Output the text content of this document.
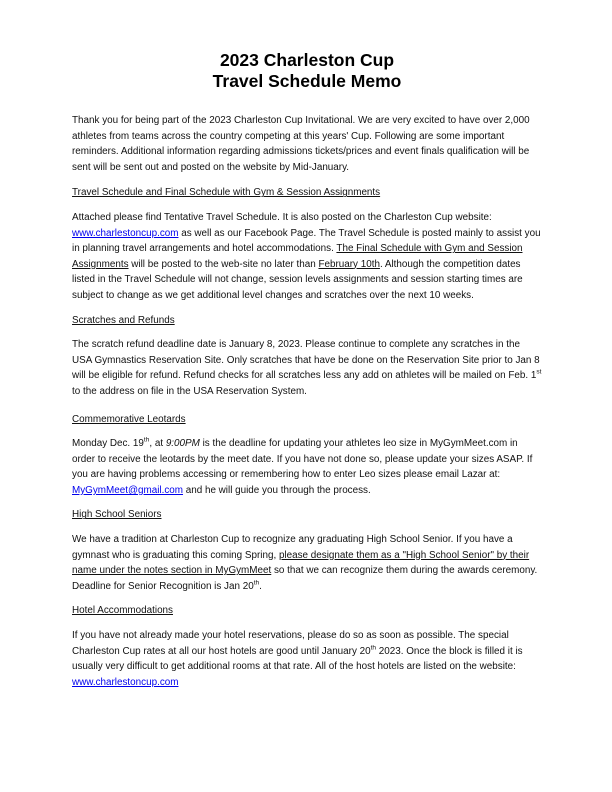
2023 Charleston Cup
Travel Schedule Memo

Thank you for being part of the 2023 Charleston Cup Invitational. We are very excited to have over 2,000 athletes from teams across the country competing at this years' Cup. Following are some important reminders. Additional information regarding admissions tickets/prices and event finals qualification will be sent will be sent out and posted on the website by Mid-January.

Travel Schedule and Final Schedule with Gym & Session Assignments

Attached please find Tentative Travel Schedule. It is also posted on the Charleston Cup website: www.charlestoncup.com as well as our Facebook Page. The Travel Schedule is posted mainly to assist you in planning travel arrangements and hotel accommodations. The Final Schedule with Gym and Session Assignments will be posted to the web-site no later than February 10th. Although the competition dates listed in the Travel Schedule will not change, session levels assignments and session starting times are subject to change as we get additional level changes and scratches over the next 10 weeks.

Scratches and Refunds

The scratch refund deadline date is January 8, 2023. Please continue to complete any scratches in the USA Gymnastics Reservation Site. Only scratches that have be done on the Reservation Site prior to Jan 8 will be eligible for refund. Refund checks for all scratches less any add on athletes will be mailed on Feb. 1st to the address on file in the USA Reservation System.

Commemorative Leotards

Monday Dec. 19th, at 9:00PM is the deadline for updating your athletes leo size in MyGymMeet.com in order to receive the leotards by the meet date. If you have not done so, please update your sizes ASAP. If you are having problems accessing or remembering how to enter Leo sizes please email Lazar at: MyGymMeet@gmail.com and he will guide you through the process.

High School Seniors

We have a tradition at Charleston Cup to recognize any graduating High School Senior. If you have a gymnast who is graduating this coming Spring, please designate them as a "High School Senior" by their name under the notes section in MyGymMeet so that we can recognize them during the awards ceremony. Deadline for Senior Recognition is Jan 20th.

Hotel Accommodations

If you have not already made your hotel reservations, please do so as soon as possible. The special Charleston Cup rates at all our host hotels are good until January 20th 2023. Once the block is filled it is usually very difficult to get additional rooms at that rate. All of the host hotels are listed on the website: www.charlestoncup.com
